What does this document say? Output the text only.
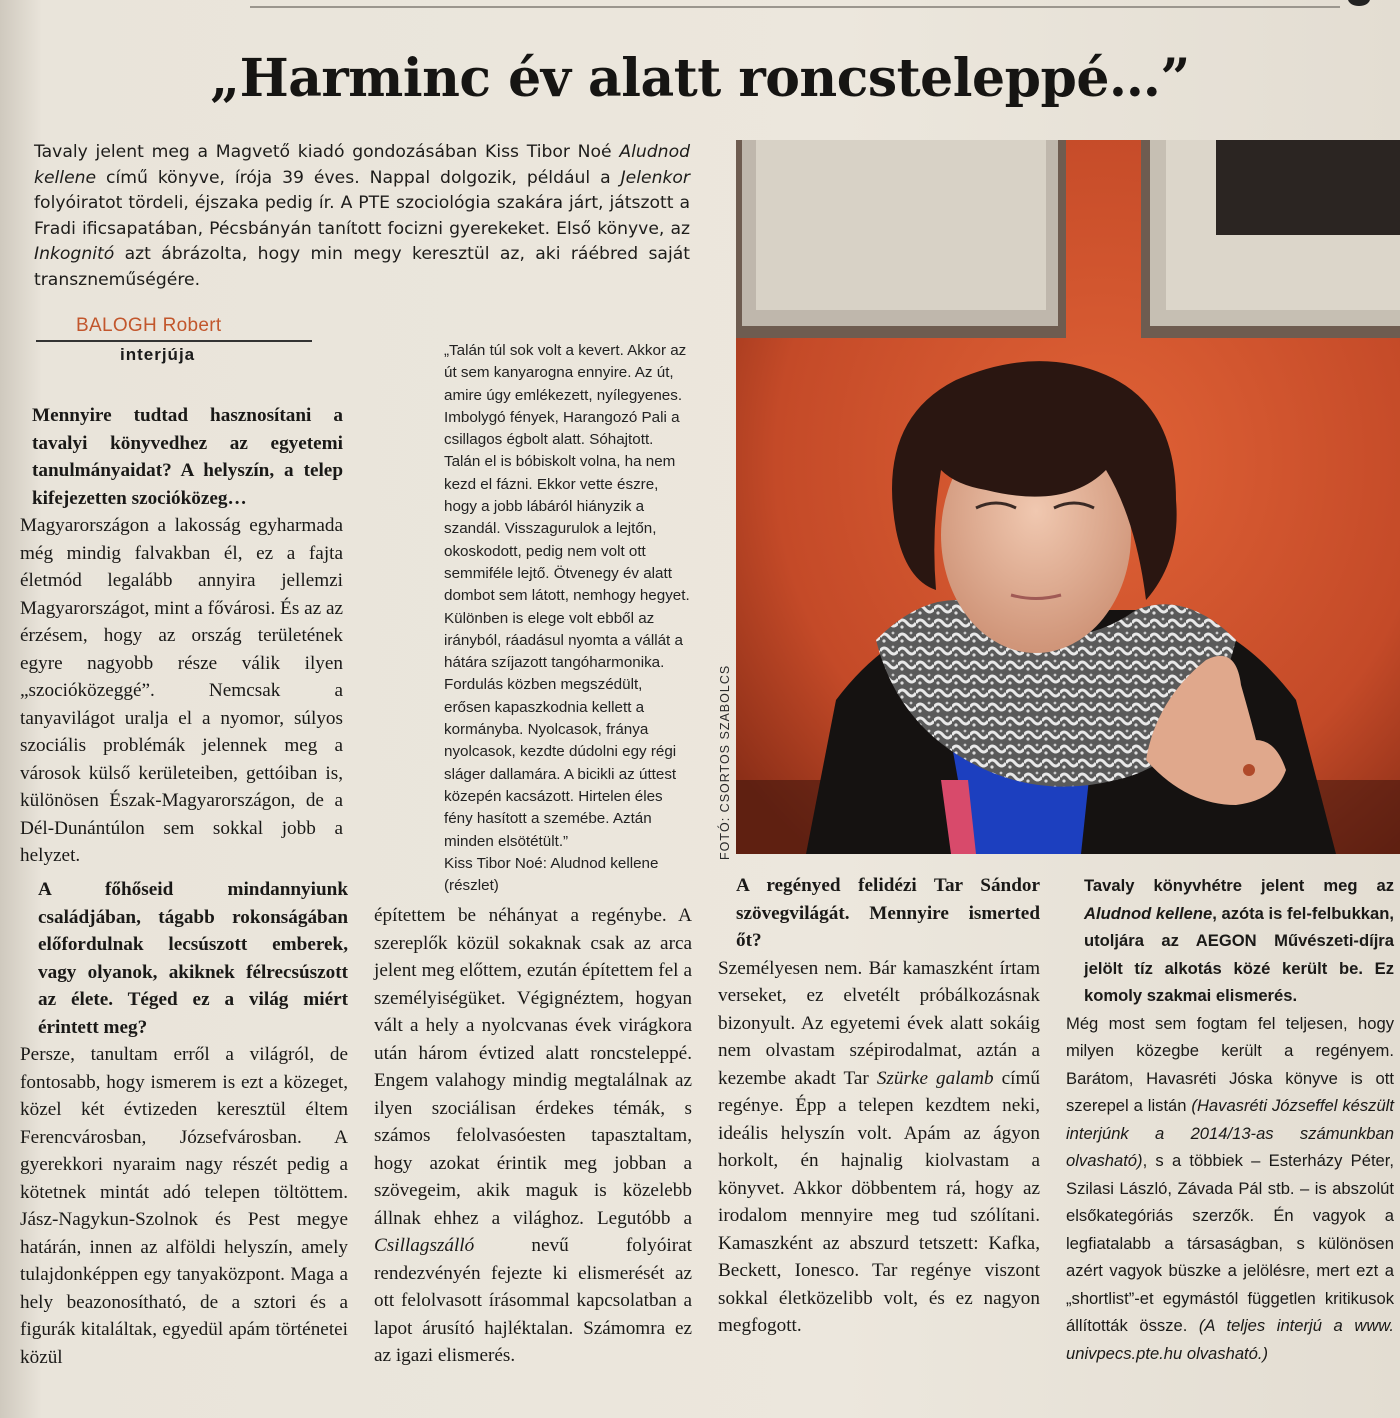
„Harminc év alatt roncsteleppé…”

Tavaly jelent meg a Magvető kiadó gondozásában Kiss Tibor Noé Aludnod kellene című könyve, írója 39 éves. Nappal dolgozik, például a Jelenkor folyóiratot tördeli, éjszaka pedig ír. A PTE szociológia szakára járt, játszott a Fradi ificsapatában, Pécsbányán tanított focizni gyerekeket. Első könyve, az Inkognitó azt ábrázolta, hogy min megy keresztül az, aki ráébred saját transzneműségére.

BALOGH Robert
interjúja

Mennyire tudtad hasznosítani a tavalyi könyvedhez az egyetemi tanulmányaidat? A helyszín, a telep kifejezetten szocióközeg…

Magyarországon a lakosság egyharmada még mindig falvakban él, ez a fajta életmód legalább annyira jellemzi Magyarországot, mint a fővárosi. És az az érzésem, hogy az ország területének egyre nagyobb része válik ilyen „szocióközeggé”. Nemcsak a tanyavilágot uralja el a nyomor, súlyos szociális problémák jelennek meg a városok külső kerületeiben, gettóiban is, különösen Észak-Magyarországon, de a Dél-Dunántúlon sem sokkal jobb a helyzet.

„Talán túl sok volt a kevert. Akkor az út sem kanyarogna ennyire. Az út, amire úgy emlékezett, nyílegyenes. Imbolygó fények, Harangozó Pali a csillagos égbolt alatt. Sóhajtott. Talán el is bóbiskolt volna, ha nem kezd el fázni. Ekkor vette észre, hogy a jobb lábáról hiányzik a szandál. Visszagurulok a lejtőn, okoskodott, pedig nem volt ott semmiféle lejtő. Ötvenegy év alatt dombot sem látott, nemhogy hegyet. Különben is elege volt ebből az irányból, ráadásul nyomta a vállát a hátára szíjazott tangóharmonika. Fordulás közben megszédült, erősen kapaszkodnia kellett a kormányba. Nyolcasok, fránya nyolcasok, kezdte dúdolni egy régi sláger dallamára. A bicikli az úttest közepén kacsázott. Hirtelen éles fény hasított a szemébe. Aztán minden elsötétült.”

Kiss Tibor Noé: Aludnod kellene

(részlet)

FOTÓ: CSORTOS SZABOLCS

A főhőseid mindannyiunk családjában, tágabb rokonságában előfordulnak lecsúszott emberek, vagy olyanok, akiknek félrecsúszott az élete. Téged ez a világ miért érintett meg?

Persze, tanultam erről a világról, de fontosabb, hogy ismerem is ezt a közeget, közel két évtizeden keresztül éltem Ferencvárosban, Józsefvárosban. A gyerekkori nyaraim nagy részét pedig a kötetnek mintát adó telepen töltöttem. Jász-Nagykun-Szolnok és Pest megye határán, innen az alföldi helyszín, amely tulajdonképpen egy tanyaközpont. Maga a hely beazonosítható, de a sztori és a figurák kitaláltak, egyedül apám történetei közül

építettem be néhányat a regénybe. A szereplők közül sokaknak csak az arca jelent meg előttem, ezután építettem fel a személyiségüket. Végignéztem, hogyan vált a hely a nyolcvanas évek virágkora után három évtized alatt roncsteleppé. Engem valahogy mindig megtalálnak az ilyen szociálisan érdekes témák, s számos felolvasóesten tapasztaltam, hogy azokat érintik meg jobban a szövegeim, akik maguk is közelebb állnak ehhez a világhoz. Legutóbb a Csillagszálló nevű folyóirat rendezvényén fejezte ki elismerését az ott felolvasott írásommal kapcsolatban a lapot árusító hajléktalan. Számomra ez az igazi elismerés.

A regényed felidézi Tar Sándor szövegvilágát. Mennyire ismerted őt?

Személyesen nem. Bár kamaszként írtam verseket, ez elvetélt próbálkozásnak bizonyult. Az egyetemi évek alatt sokáig nem olvastam szépirodalmat, aztán a kezembe akadt Tar Szürke galamb című regénye. Épp a telepen kezdtem neki, ideális helyszín volt. Apám az ágyon horkolt, én hajnalig kiolvastam a könyvet. Akkor döbbentem rá, hogy az irodalom mennyire meg tud szólítani. Kamaszként az abszurd tetszett: Kafka, Beckett, Ionesco. Tar regénye viszont sokkal életközelibb volt, és ez nagyon megfogott.

Tavaly könyvhétre jelent meg az Aludnod kellene, azóta is fel-felbukkan, utoljára az AEGON Művészeti-díjra jelölt tíz alkotás közé került be. Ez komoly szakmai elismerés.

Még most sem fogtam fel teljesen, hogy milyen közegbe került a regényem. Barátom, Havasréti Jóska könyve is ott szerepel a listán (Havasréti Józseffel készült interjúnk a 2014/13-as számunkban olvasható), s a többiek – Esterházy Péter, Szilasi László, Závada Pál stb. – is abszolút elsőkategóriás szerzők. Én vagyok a legfiatalabb a társaságban, s különösen azért vagyok büszke a jelölésre, mert ezt a „shortlist”-et egymástól független kritikusok állították össze. (A teljes interjú a www. univpecs.pte.hu olvasható.)
